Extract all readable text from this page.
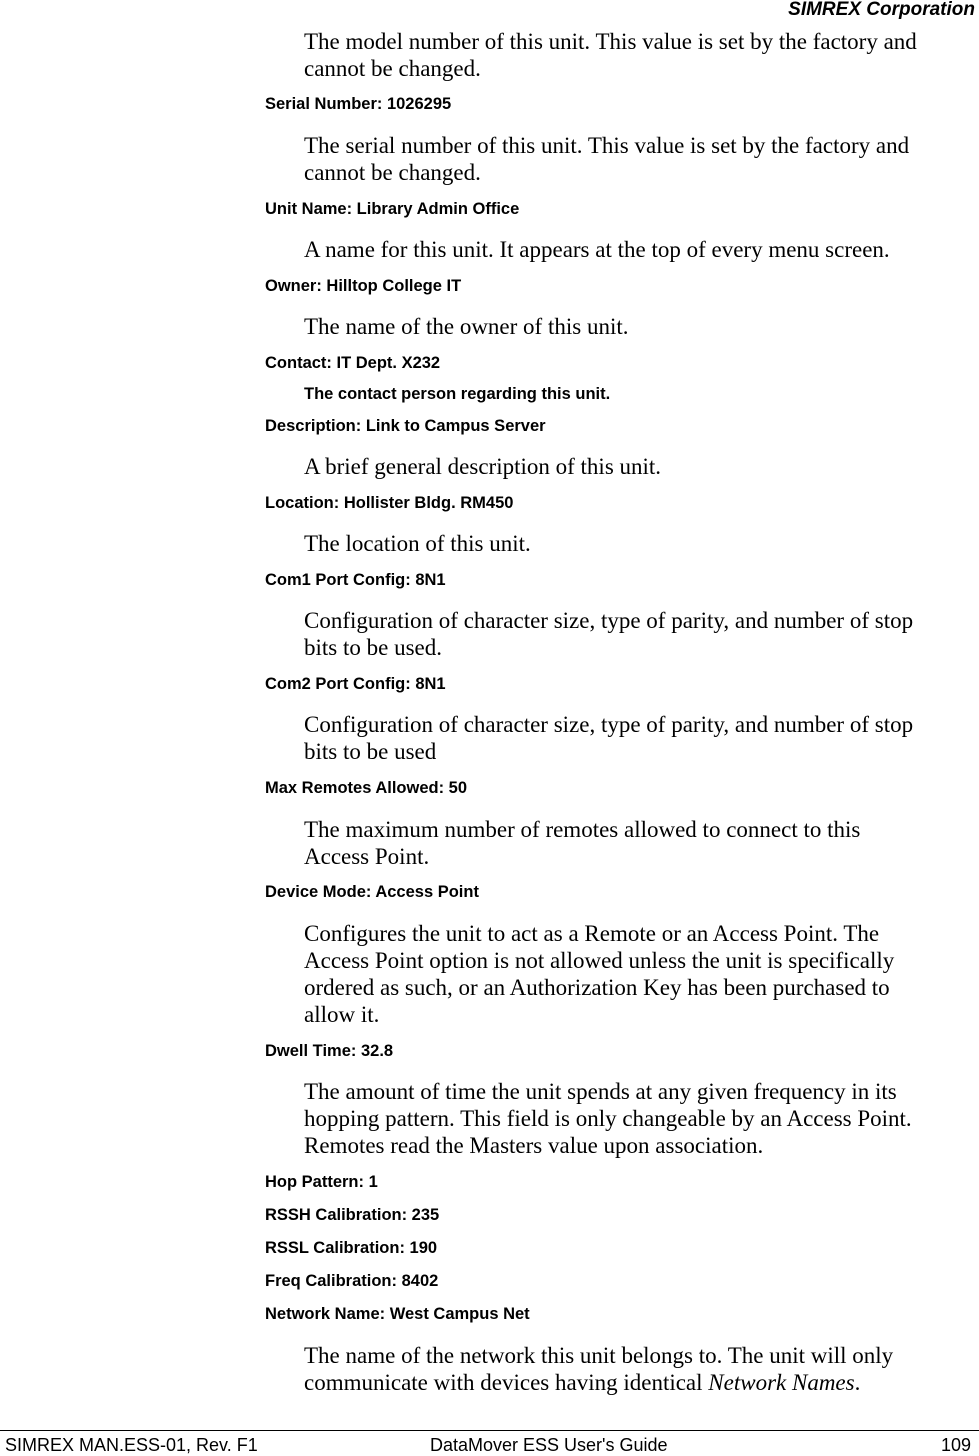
SIMREX Corporation
The model number of this unit. This value is set by the factory and
cannot be changed.
Serial Number: 1026295
The serial number of this unit. This value is set by the factory and
cannot be changed.
Unit Name: Library Admin Office
A name for this unit. It appears at the top of every menu screen.
Owner: Hilltop College IT
The name of the owner of this unit.
Contact: IT Dept. X232
The contact person regarding this unit.
Description: Link to Campus Server
A brief general description of this unit.
Location: Hollister Bldg. RM450
The location of this unit.
Com1 Port Config: 8N1
Configuration of character size, type of parity, and number of stop
bits to be used.
Com2 Port Config: 8N1
Configuration of character size, type of parity, and number of stop
bits to be used
Max Remotes Allowed: 50
The maximum number of remotes allowed to connect to this
Access Point.
Device Mode: Access Point
Configures the unit to act as a Remote or an Access Point. The
Access Point option is not allowed unless the unit is specifically
ordered as such, or an Authorization Key has been purchased to
allow it.
Dwell Time: 32.8
The amount of time the unit spends at any given frequency in its
hopping pattern. This field is only changeable by an Access Point.
Remotes read the Masters value upon association.
Hop Pattern: 1
RSSH Calibration: 235
RSSL Calibration: 190
Freq Calibration: 8402
Network Name: West Campus Net
The name of the network this unit belongs to. The unit will only
communicate with devices having identical Network Names.
SIMREX MAN.ESS-01, Rev. F1	DataMover ESS User's Guide	109
